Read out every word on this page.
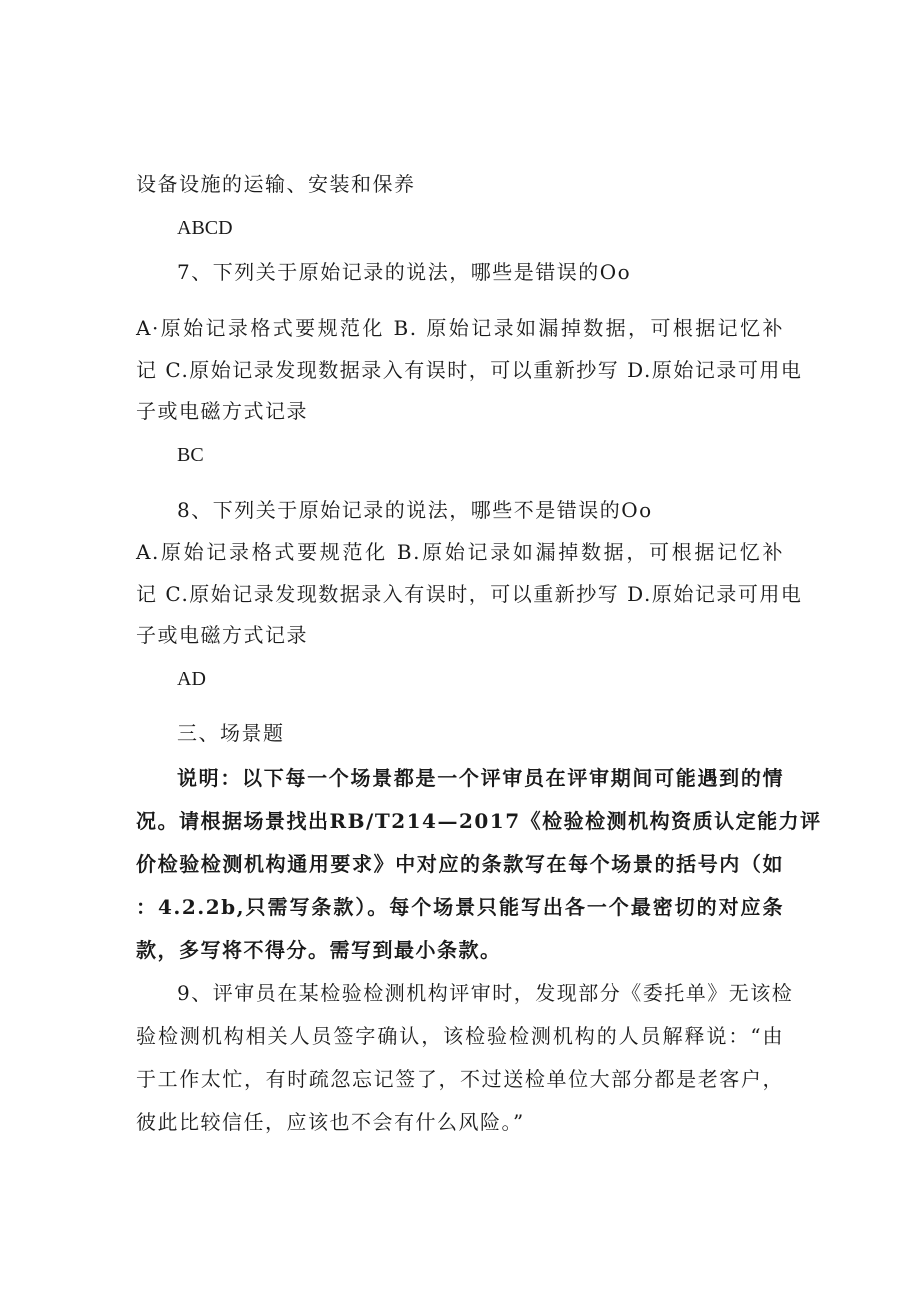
设备设施的运输、安装和保养
ABCD
7、下列关于原始记录的说法，哪些是错误的Oo
A·原始记录格式要规范化 B. 原始记录如漏掉数据，可根据记忆补
记 C.原始记录发现数据录入有误时，可以重新抄写 D.原始记录可用电
子或电磁方式记录
BC
8、下列关于原始记录的说法，哪些不是错误的Oo
A.原始记录格式要规范化 B.原始记录如漏掉数据，可根据记忆补
记 C.原始记录发现数据录入有误时，可以重新抄写 D.原始记录可用电
子或电磁方式记录
AD
三、场景题
说明：以下每一个场景都是一个评审员在评审期间可能遇到的情
况。请根据场景找出RB/T214—2017《检验检测机构资质认定能力评
价检验检测机构通用要求》中对应的条款写在每个场景的括号内（如
：4.2.2b,只需写条款）。每个场景只能写出各一个最密切的对应条
款，多写将不得分。需写到最小条款。
9、评审员在某检验检测机构评审时，发现部分《委托单》无该检
验检测机构相关人员签字确认，该检验检测机构的人员解释说：“由
于工作太忙，有时疏忽忘记签了，不过送检单位大部分都是老客户，
彼此比较信任，应该也不会有什么风险。”
